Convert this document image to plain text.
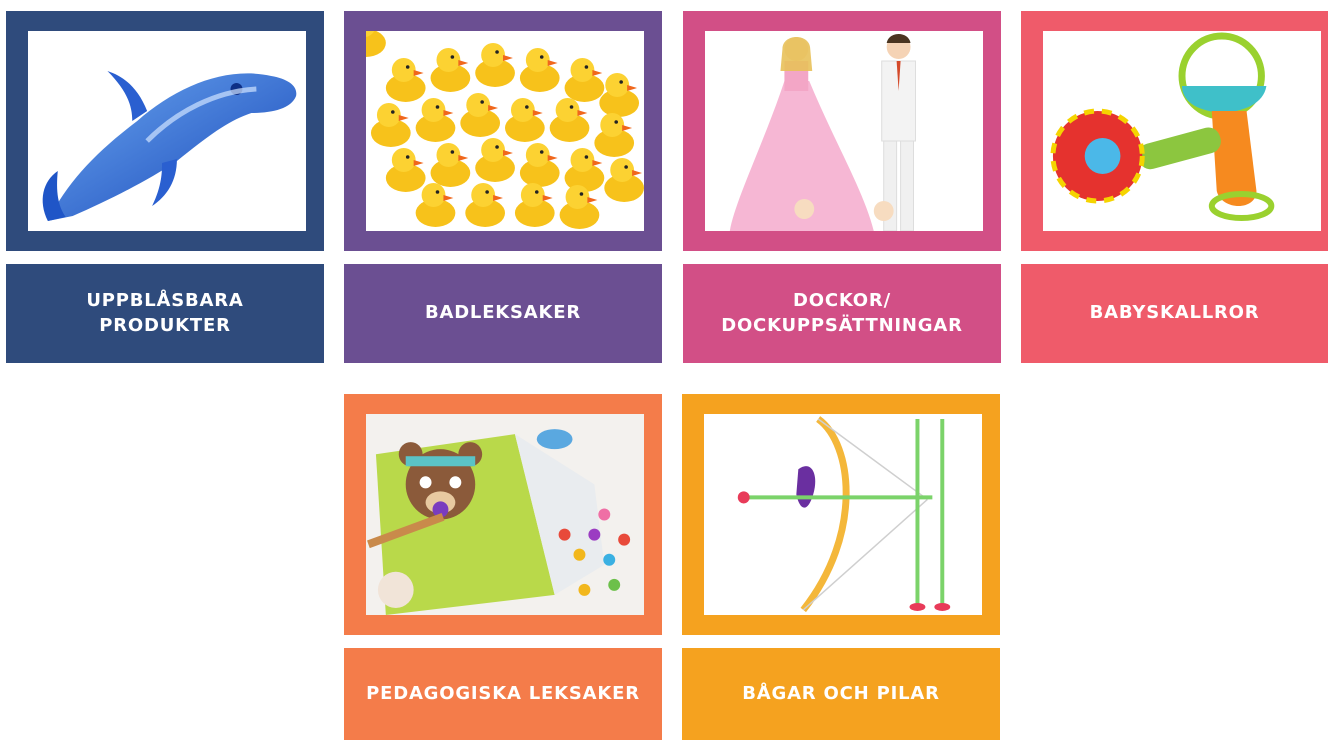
UPPBLÅSBARA
PRODUKTER
BADLEKSAKER
DOCKOR/
DOCKUPPSÄTTNINGAR
BABYSKALLROR
PEDAGOGISKA LEKSAKER	BÅGAR OCH PILAR
